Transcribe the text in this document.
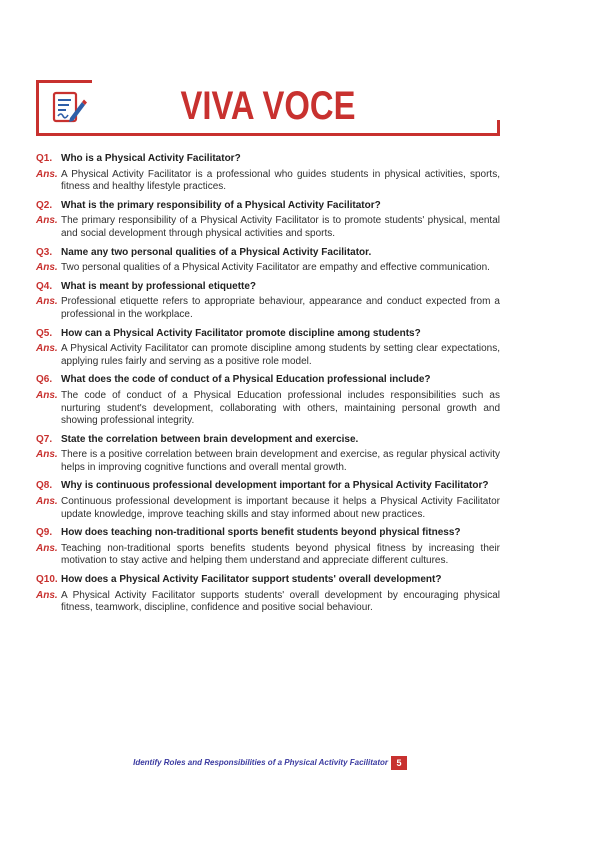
VIVA VOCE
Q1. Who is a Physical Activity Facilitator?
Ans. A Physical Activity Facilitator is a professional who guides students in physical activities, sports, fitness and healthy lifestyle practices.
Q2. What is the primary responsibility of a Physical Activity Facilitator?
Ans. The primary responsibility of a Physical Activity Facilitator is to promote students' physical, mental and social development through physical activities and sports.
Q3. Name any two personal qualities of a Physical Activity Facilitator.
Ans. Two personal qualities of a Physical Activity Facilitator are empathy and effective communication.
Q4. What is meant by professional etiquette?
Ans. Professional etiquette refers to appropriate behaviour, appearance and conduct expected from a professional in the workplace.
Q5. How can a Physical Activity Facilitator promote discipline among students?
Ans. A Physical Activity Facilitator can promote discipline among students by setting clear expectations, applying rules fairly and serving as a positive role model.
Q6. What does the code of conduct of a Physical Education professional include?
Ans. The code of conduct of a Physical Education professional includes responsibilities such as nurturing student's development, collaborating with others, maintaining personal growth and showing professional integrity.
Q7. State the correlation between brain development and exercise.
Ans. There is a positive correlation between brain development and exercise, as regular physical activity helps in improving cognitive functions and overall mental growth.
Q8. Why is continuous professional development important for a Physical Activity Facilitator?
Ans. Continuous professional development is important because it helps a Physical Activity Facilitator update knowledge, improve teaching skills and stay informed about new practices.
Q9. How does teaching non-traditional sports benefit students beyond physical fitness?
Ans. Teaching non-traditional sports benefits students beyond physical fitness by increasing their motivation to stay active and helping them understand and appreciate different cultures.
Q10. How does a Physical Activity Facilitator support students' overall development?
Ans. A Physical Activity Facilitator supports students' overall development by encouraging physical fitness, teamwork, discipline, confidence and positive social behaviour.
Identify Roles and Responsibilities of a Physical Activity Facilitator 5
